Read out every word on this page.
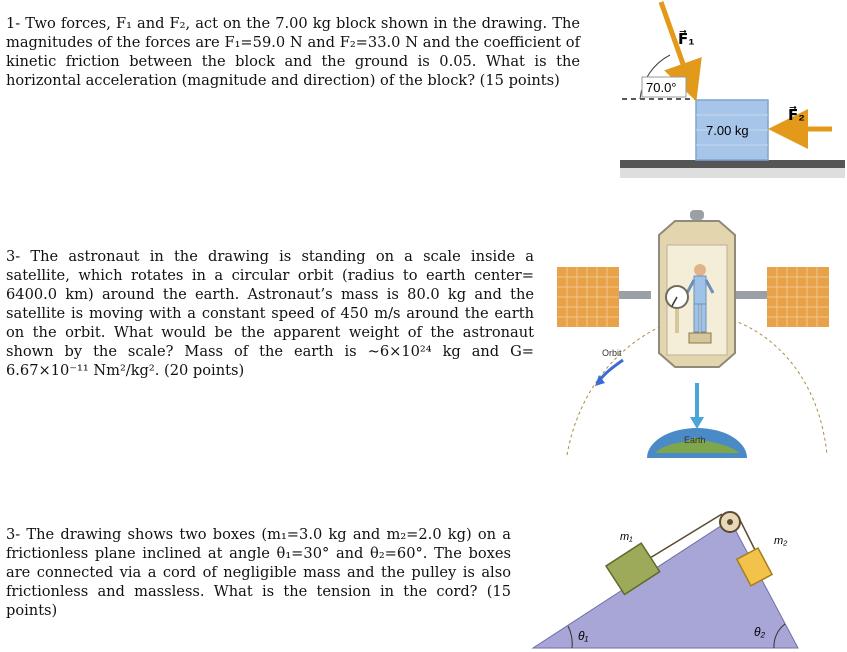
1- Two forces, F₁ and F₂, act on the 7.00 kg block shown in the drawing. The magnitudes of the forces are F₁=59.0 N and F₂=33.0 N and the coefficient of kinetic friction between the block and the ground is 0.05. What is the horizontal acceleration (magnitude and direction) of the block? (15 points)
3- The astronaut in the drawing is standing on a scale inside a satellite, which rotates in a circular orbit (radius to earth center= 6400.0 km) around the earth. Astronaut’s mass is 80.0 kg and the satellite is moving with a constant speed of 450 m/s around the earth on the orbit. What would be the apparent weight of the astronaut shown by the scale? Mass of the earth is ~6×10²⁴ kg and G= 6.67×10⁻¹¹ Nm²/kg². (20 points)
3- The drawing shows two boxes (m₁=3.0 kg and m₂=2.0 kg) on a frictionless plane inclined at angle θ₁=30° and θ₂=60°. The boxes are connected via a cord of negligible mass and the pulley is also frictionless and massless. What is the tension in the cord? (15 points)
F⃗₁
F⃗₂
70.0°
7.00 kg
Orbit
Earth
m₁	m₂
θ₁	θ₂
